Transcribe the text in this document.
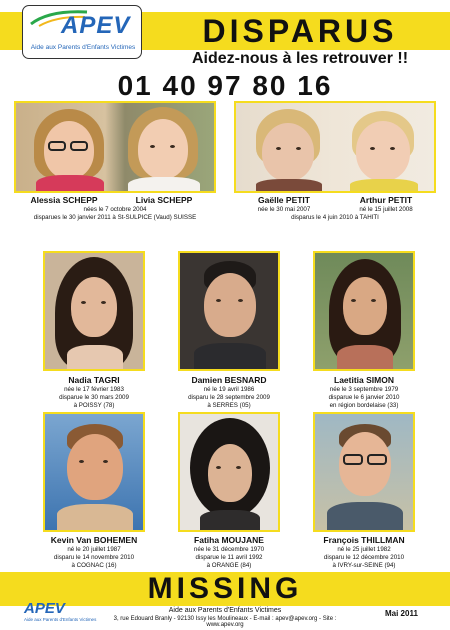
APEV
Aide aux Parents d'Enfants Victimes	DISPARUS
Aidez-nous à les retrouver !!
01 40 97 80 16
Alessia SCHEPP	Livia SCHEPP
nées le 7 octobre 2004
disparues le 30 janvier 2011 à St-SULPICE (Vaud) SUISSE
Gaëlle PETIT	Arthur PETIT
née le 30 mai 2007	né le 15 juillet 2008
disparus le 4 juin 2010 à TAHITI
Nadia TAGRI
née le 17 février 1983
disparue le 30 mars 2009
à POISSY (78)
Damien BESNARD
né le 19 avril 1986
disparu le 28 septembre 2009
à SERRES (05)
Laetitia SIMON
née le 3 septembre 1979
disparue le 6 janvier 2010
en région bordelaise (33)
Kevin Van BOHEMEN
né le 20 juillet 1987
disparu le 14 novembre 2010
à COGNAC (16)
Fatiha MOUJANE
née le 31 décembre 1970
disparue le 11 avril 1992
à ORANGE (84)
François THILLMAN
né le 25 juillet 1982
disparu le 12 décembre 2010
à IVRY-sur-SEINE (94)
MISSING
APEV
Aide aux Parents d'Enfants Victimes
Aide aux Parents d'Enfants Victimes
3, rue Edouard Branly - 92130 Issy les Moulineaux - E-mail : apev@apev.org - Site : www.apev.org
Mai 2011
